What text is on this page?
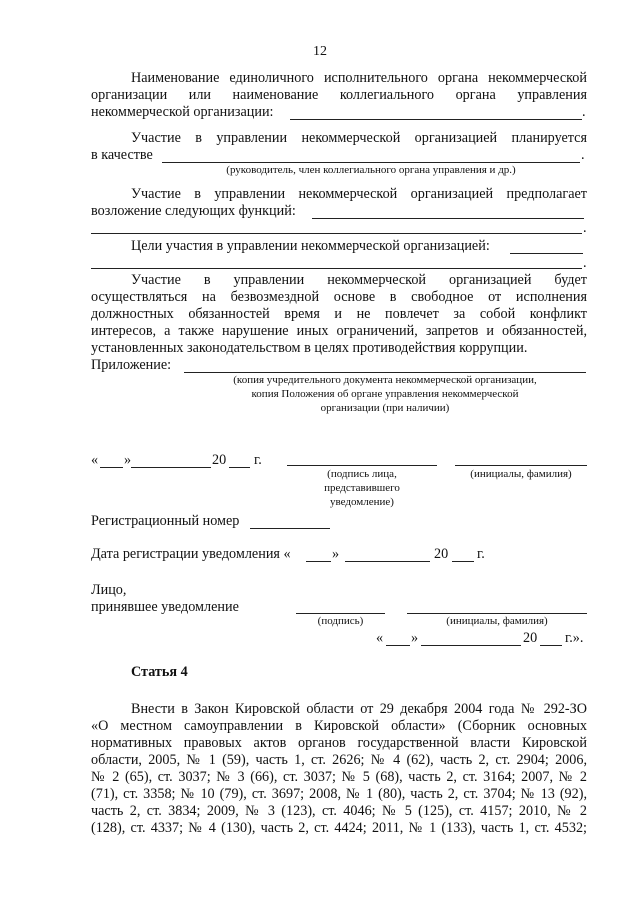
12
Наименование единоличного исполнительного органа некоммерческой
организации или наименование коллегиального органа управления
некоммерческой организации:	.
Участие в управлении некоммерческой организацией планируется
в качестве	.
(руководитель, член коллегиального органа управления и др.)
Участие в управлении некоммерческой организацией предполагает
возложение следующих функций:
.
Цели участия в управлении некоммерческой организацией:
.
Участие в управлении некоммерческой организацией будет
осуществляться на безвозмездной основе в свободное от исполнения
должностных обязанностей время и не повлечет за собой конфликт
интересов, а также нарушение иных ограничений, запретов и обязанностей,
установленных законодательством в целях противодействия коррупции.
Приложение:
(копия учредительного документа некоммерческой организации,
копия Положения об органе управления некоммерческой
организации (при наличии)
« »	20 г.
(подпись лица,
представившего
уведомление)
(инициалы, фамилия)
Регистрационный номер
Дата регистрации уведомления «	»	20 г.
Лицо,
принявшее уведомление
(подпись)	(инициалы, фамилия)
« »	20 г.».
Статья 4
Внести в Закон Кировской области от 29 декабря 2004 года № 292-ЗО
«О местном самоуправлении в Кировской области» (Сборник основных
нормативных правовых актов органов государственной власти Кировской
области, 2005, № 1 (59), часть 1, ст. 2626; № 4 (62), часть 2, ст. 2904; 2006,
№ 2 (65), ст. 3037; № 3 (66), ст. 3037; № 5 (68), часть 2, ст. 3164; 2007, № 2
(71), ст. 3358; № 10 (79), ст. 3697; 2008, № 1 (80), часть 2, ст. 3704; № 13 (92),
часть 2, ст. 3834; 2009, № 3 (123), ст. 4046; № 5 (125), ст. 4157; 2010, № 2
(128), ст. 4337; № 4 (130), часть 2, ст. 4424; 2011, № 1 (133), часть 1, ст. 4532;
